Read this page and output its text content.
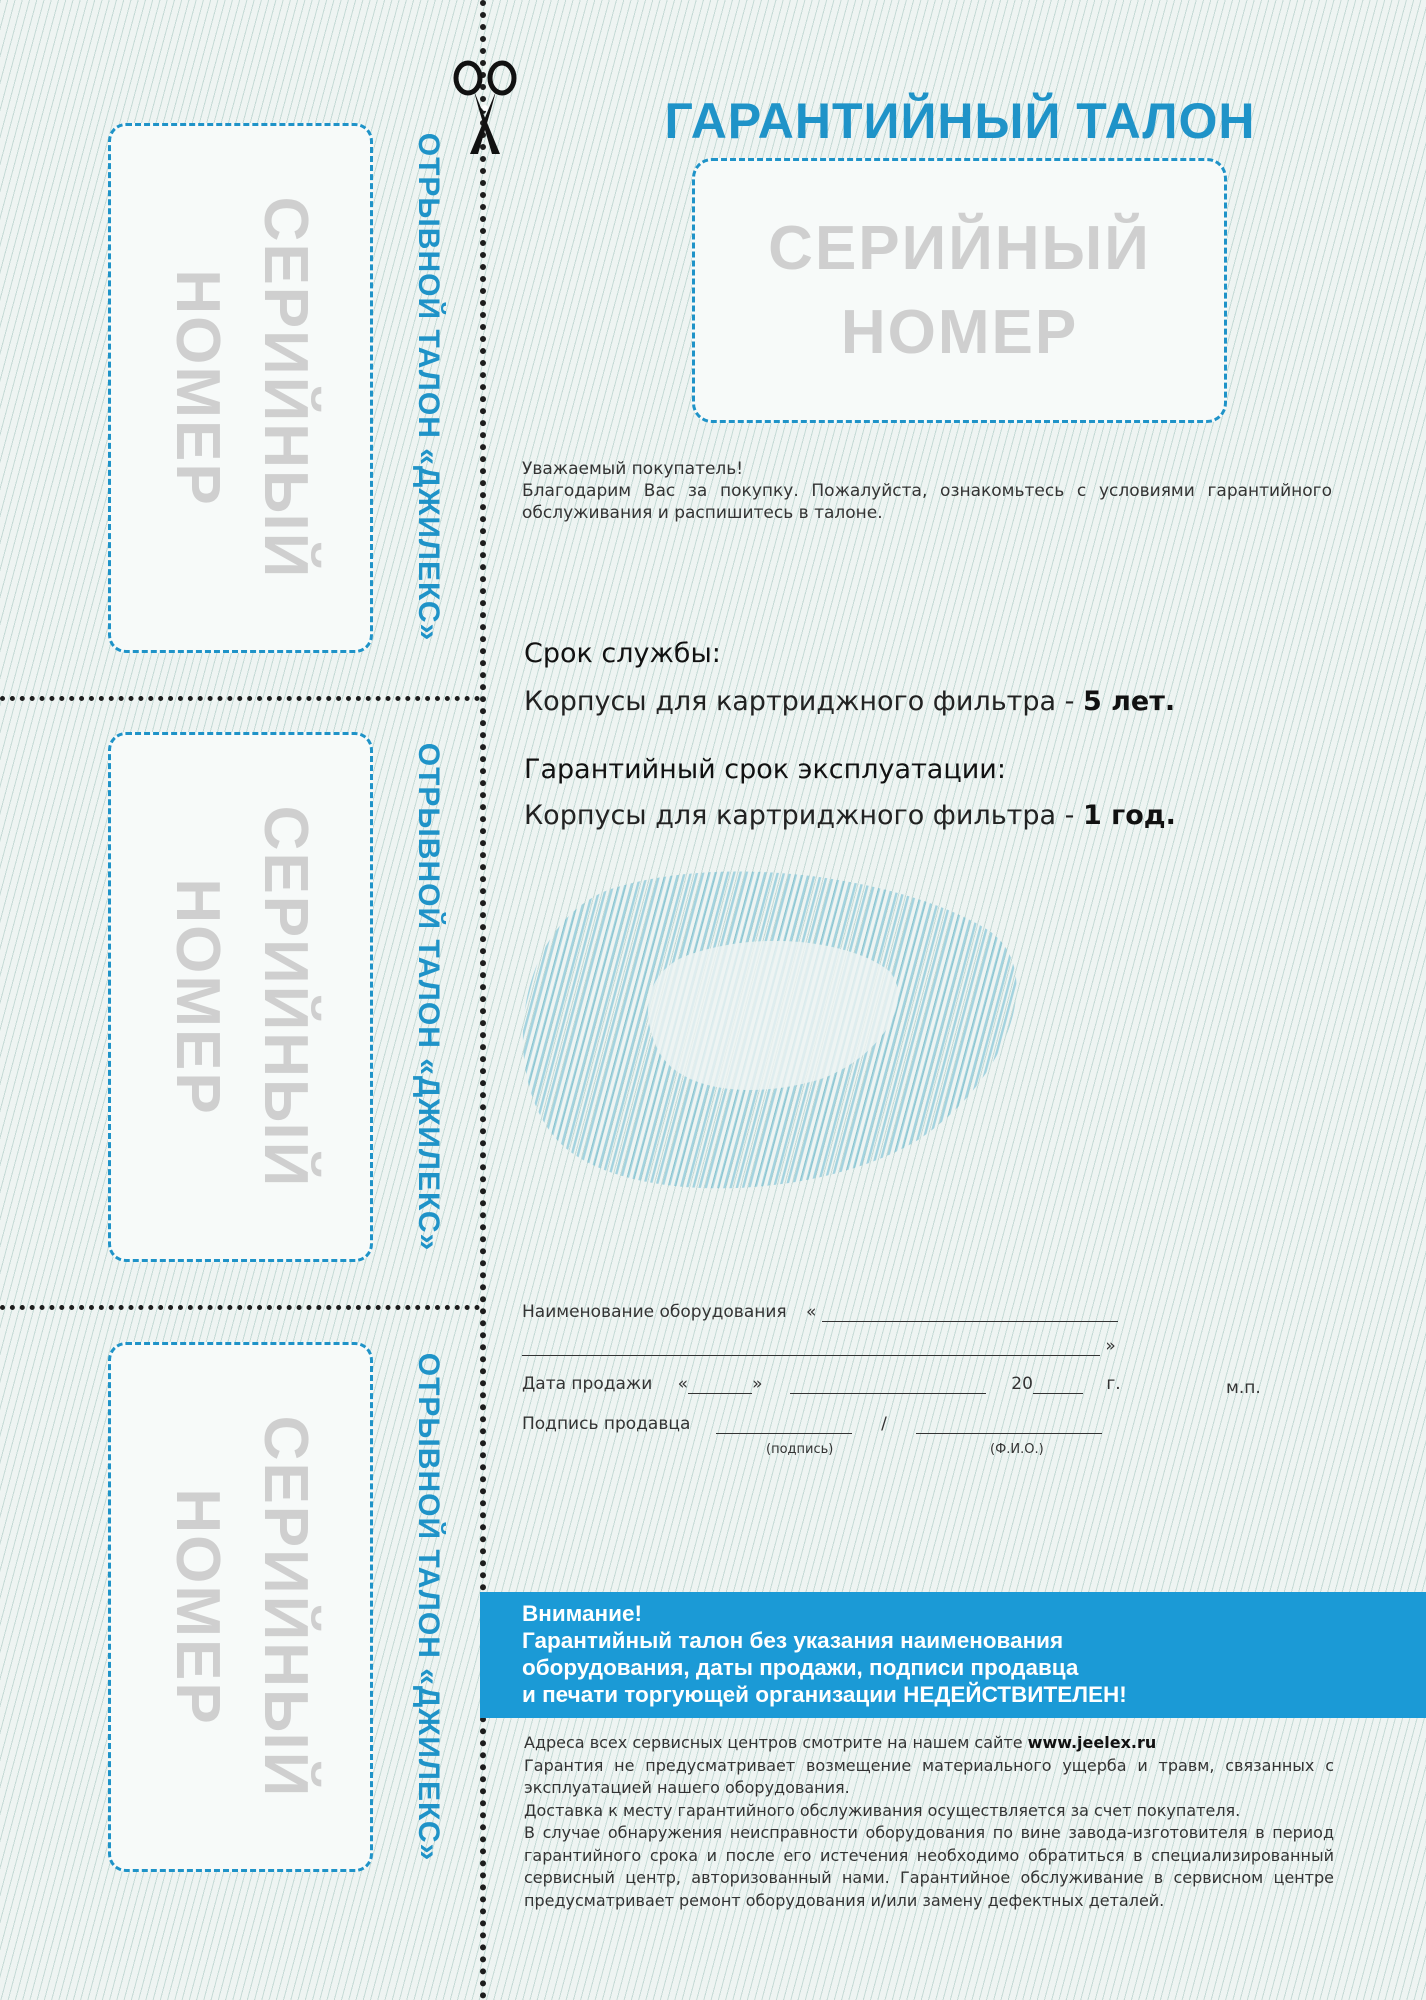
СЕРИЙНЫЙ
НОМЕР	ОТРЫВНОЙ ТАЛОН «ДЖИЛЕКС»
СЕРИЙНЫЙ
НОМЕР	ОТРЫВНОЙ ТАЛОН «ДЖИЛЕКС»
СЕРИЙНЫЙ
НОМЕР	ОТРЫВНОЙ ТАЛОН «ДЖИЛЕКС»
ГАРАНТИЙНЫЙ ТАЛОН
СЕРИЙНЫЙ
НОМЕР
Уважаемый покупатель!
Благодарим Вас за покупку. Пожалуйста, ознакомьтесь с условиями гарантийного обслуживания и распишитесь в талоне.
Срок службы:
Корпусы для картриджного фильтра - 5 лет.
Гарантийный срок эксплуатации:
Корпусы для картриджного фильтра - 1 год.
Наименование оборудования «
»
Дата продажи «	»	20	г.	м.п.
Подпись продавца	/
(подпись)	(Ф.И.О.)
Внимание!
Гарантийный талон без указания наименования
оборудования, даты продажи, подписи продавца
и печати торгующей организации НЕДЕЙСТВИТЕЛЕН!

Адреса всех сервисных центров смотрите на нашем сайте www.jeelex.ru

Гарантия не предусматривает возмещение материального ущерба и травм, связанных с эксплуатацией нашего оборудования.

Доставка к месту гарантийного обслуживания осуществляется за счет покупателя.

В случае обнаружения неисправности оборудования по вине завода-изготовителя в период гарантийного срока и после его истечения необходимо обратиться в специализированный сервисный центр, авторизованный нами. Гарантийное обслуживание в сервисном центре предусматривает ремонт оборудования и/или замену дефектных деталей.
